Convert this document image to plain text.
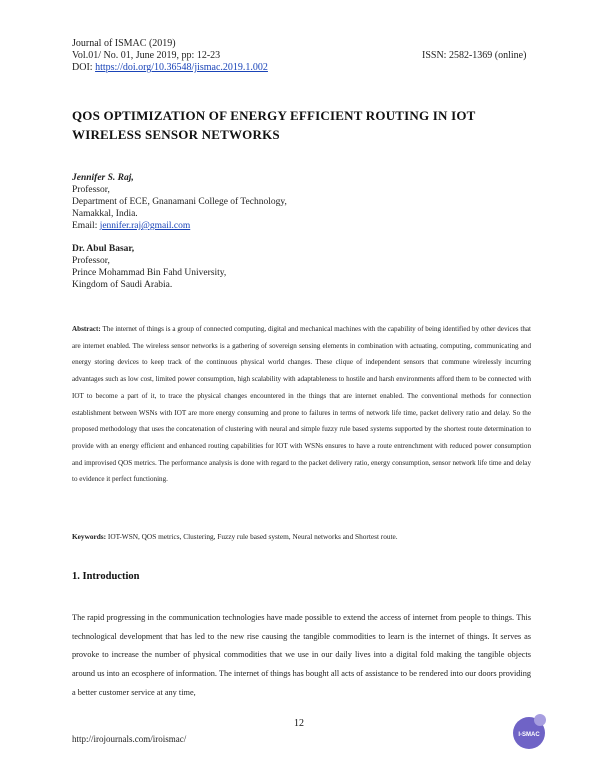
Journal of ISMAC (2019)
Vol.01/ No. 01, June 2019, pp: 12-23	ISSN: 2582-1369 (online)
DOI: https://doi.org/10.36548/jismac.2019.1.002
QOS OPTIMIZATION OF ENERGY EFFICIENT ROUTING IN IOT WIRELESS SENSOR NETWORKS
Jennifer S. Raj,
Professor,
Department of ECE, Gnanamani College of Technology,
Namakkal, India.
Email: jennifer.raj@gmail.com
Dr. Abul Basar,
Professor,
Prince Mohammad Bin Fahd University,
Kingdom of Saudi Arabia.
Abstract: The internet of things is a group of connected computing, digital and mechanical machines with the capability of being identified by other devices that are internet enabled. The wireless sensor networks is a gathering of sovereign sensing elements in combination with actuating, computing, communicating and energy storing devices to keep track of the continuous physical world changes. These clique of independent sensors that commune wirelessly incurring advantages such as low cost, limited power consumption, high scalability with adaptableness to hostile and harsh environments afford them to be connected with IOT to become a part of it, to trace the physical changes encountered in the things that are internet enabled. The conventional methods for connection establishment between WSNs with IOT are more energy consuming and prone to failures in terms of network life time, packet delivery ratio and delay. So the proposed methodology that uses the concatenation of clustering with neural and simple fuzzy rule based systems supported by the shortest route determination to provide with an energy efficient and enhanced routing capabilities for IOT with WSNs ensures to have a route entrenchment with reduced power consumption and improvised QOS metrics. The performance analysis is done with regard to the packet delivery ratio, energy consumption, sensor network life time and delay to evidence it perfect functioning.
Keywords: IOT-WSN, QOS metrics, Clustering, Fuzzy rule based system, Neural networks and Shortest route.
1. Introduction
The rapid progressing in the communication technologies have made possible to extend the access of internet from people to things. This technological development that has led to the new rise causing the tangible commodities to learn is the internet of things. It serves as provoke to increase the number of physical commodities that we use in our daily lives into a digital fold making the tangible objects around us into an ecosphere of information. The internet of things has bought all acts of assistance to be rendered into our doors providing a better customer service at any time,
12
http://irojournals.com/iroismac/	I-SMAC
